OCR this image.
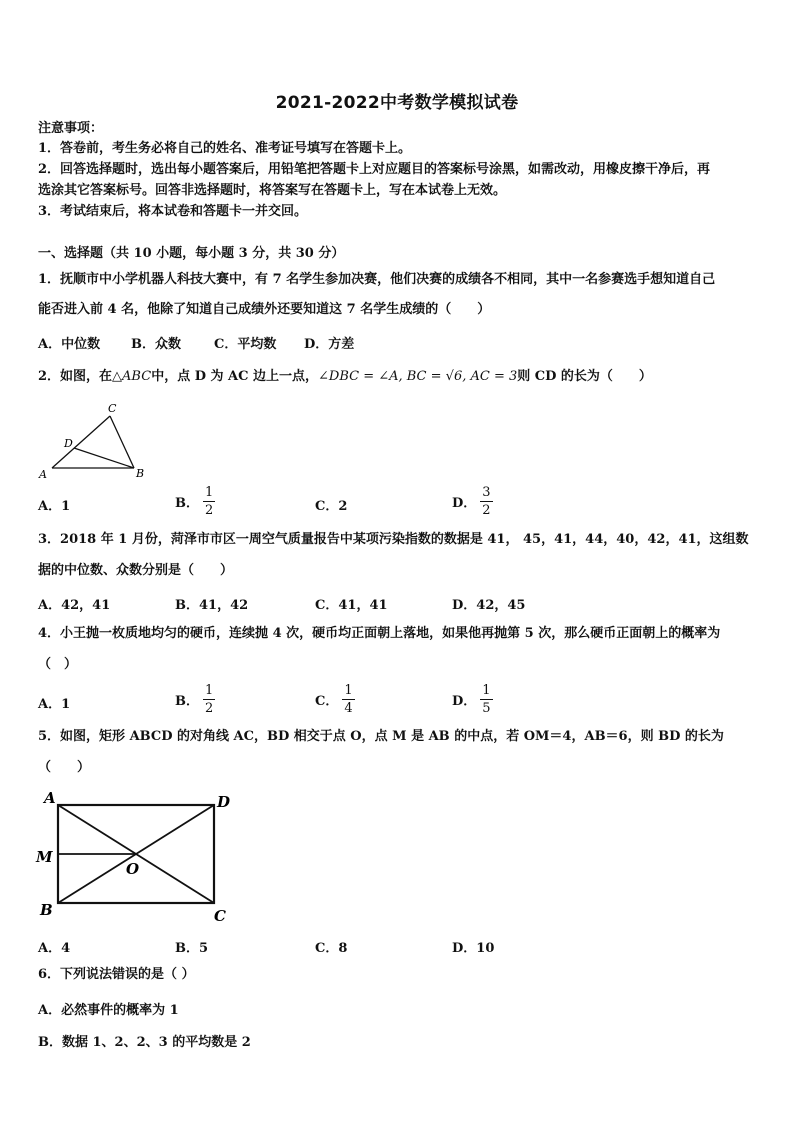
2021-2022中考数学模拟试卷
注意事项：
1．答卷前，考生务必将自己的姓名、准考证号填写在答题卡上。
2．回答选择题时，选出每小题答案后，用铅笔把答题卡上对应题目的答案标号涂黑，如需改动，用橡皮擦干净后，再
选涂其它答案标号。回答非选择题时，将答案写在答题卡上，写在本试卷上无效。
3．考试结束后，将本试卷和答题卡一并交回。
一、选择题（共 10 小题，每小题 3 分，共 30 分）
1．抚顺市中小学机器人科技大赛中，有 7 名学生参加决赛，他们决赛的成绩各不相同，其中一名参赛选手想知道自己
能否进入前 4 名，他除了知道自己成绩外还要知道这 7 名学生成绩的（　　）
A．中位数 B．众数	C．平均数 D．方差
2．如图，在△ABC中，点 D 为 AC 边上一点，∠DBC = ∠A, BC = √6, AC = 3则 CD 的长为（　　）
C
D
A	B
A．1	B． $\frac{1}{2}$	C．2	D． $\frac{3}{2}$
3．2018 年 1 月份，菏泽市市区一周空气质量报告中某项污染指数的数据是 41， 45，41，44，40，42，41，这组数
据的中位数、众数分别是（　　）
A．42，41	B．41，42	C．41，41	D．42，45
4．小王抛一枚质地均匀的硬币，连续抛 4 次，硬币均正面朝上落地，如果他再抛第 5 次，那么硬币正面朝上的概率为
（　）
A．1	B． $\frac{1}{2}$	C． $\frac{1}{4}$	D． $\frac{1}{5}$
5．如图，矩形 ABCD 的对角线 AC，BD 相交于点 O，点 M 是 AB 的中点，若 OM＝4，AB＝6，则 BD 的长为
（　　）
A	D
M
O
B	C
A．4	B．5	C．8	D．10
6．下列说法错误的是（ ）
A．必然事件的概率为 1
B．数据 1、2、2、3 的平均数是 2
